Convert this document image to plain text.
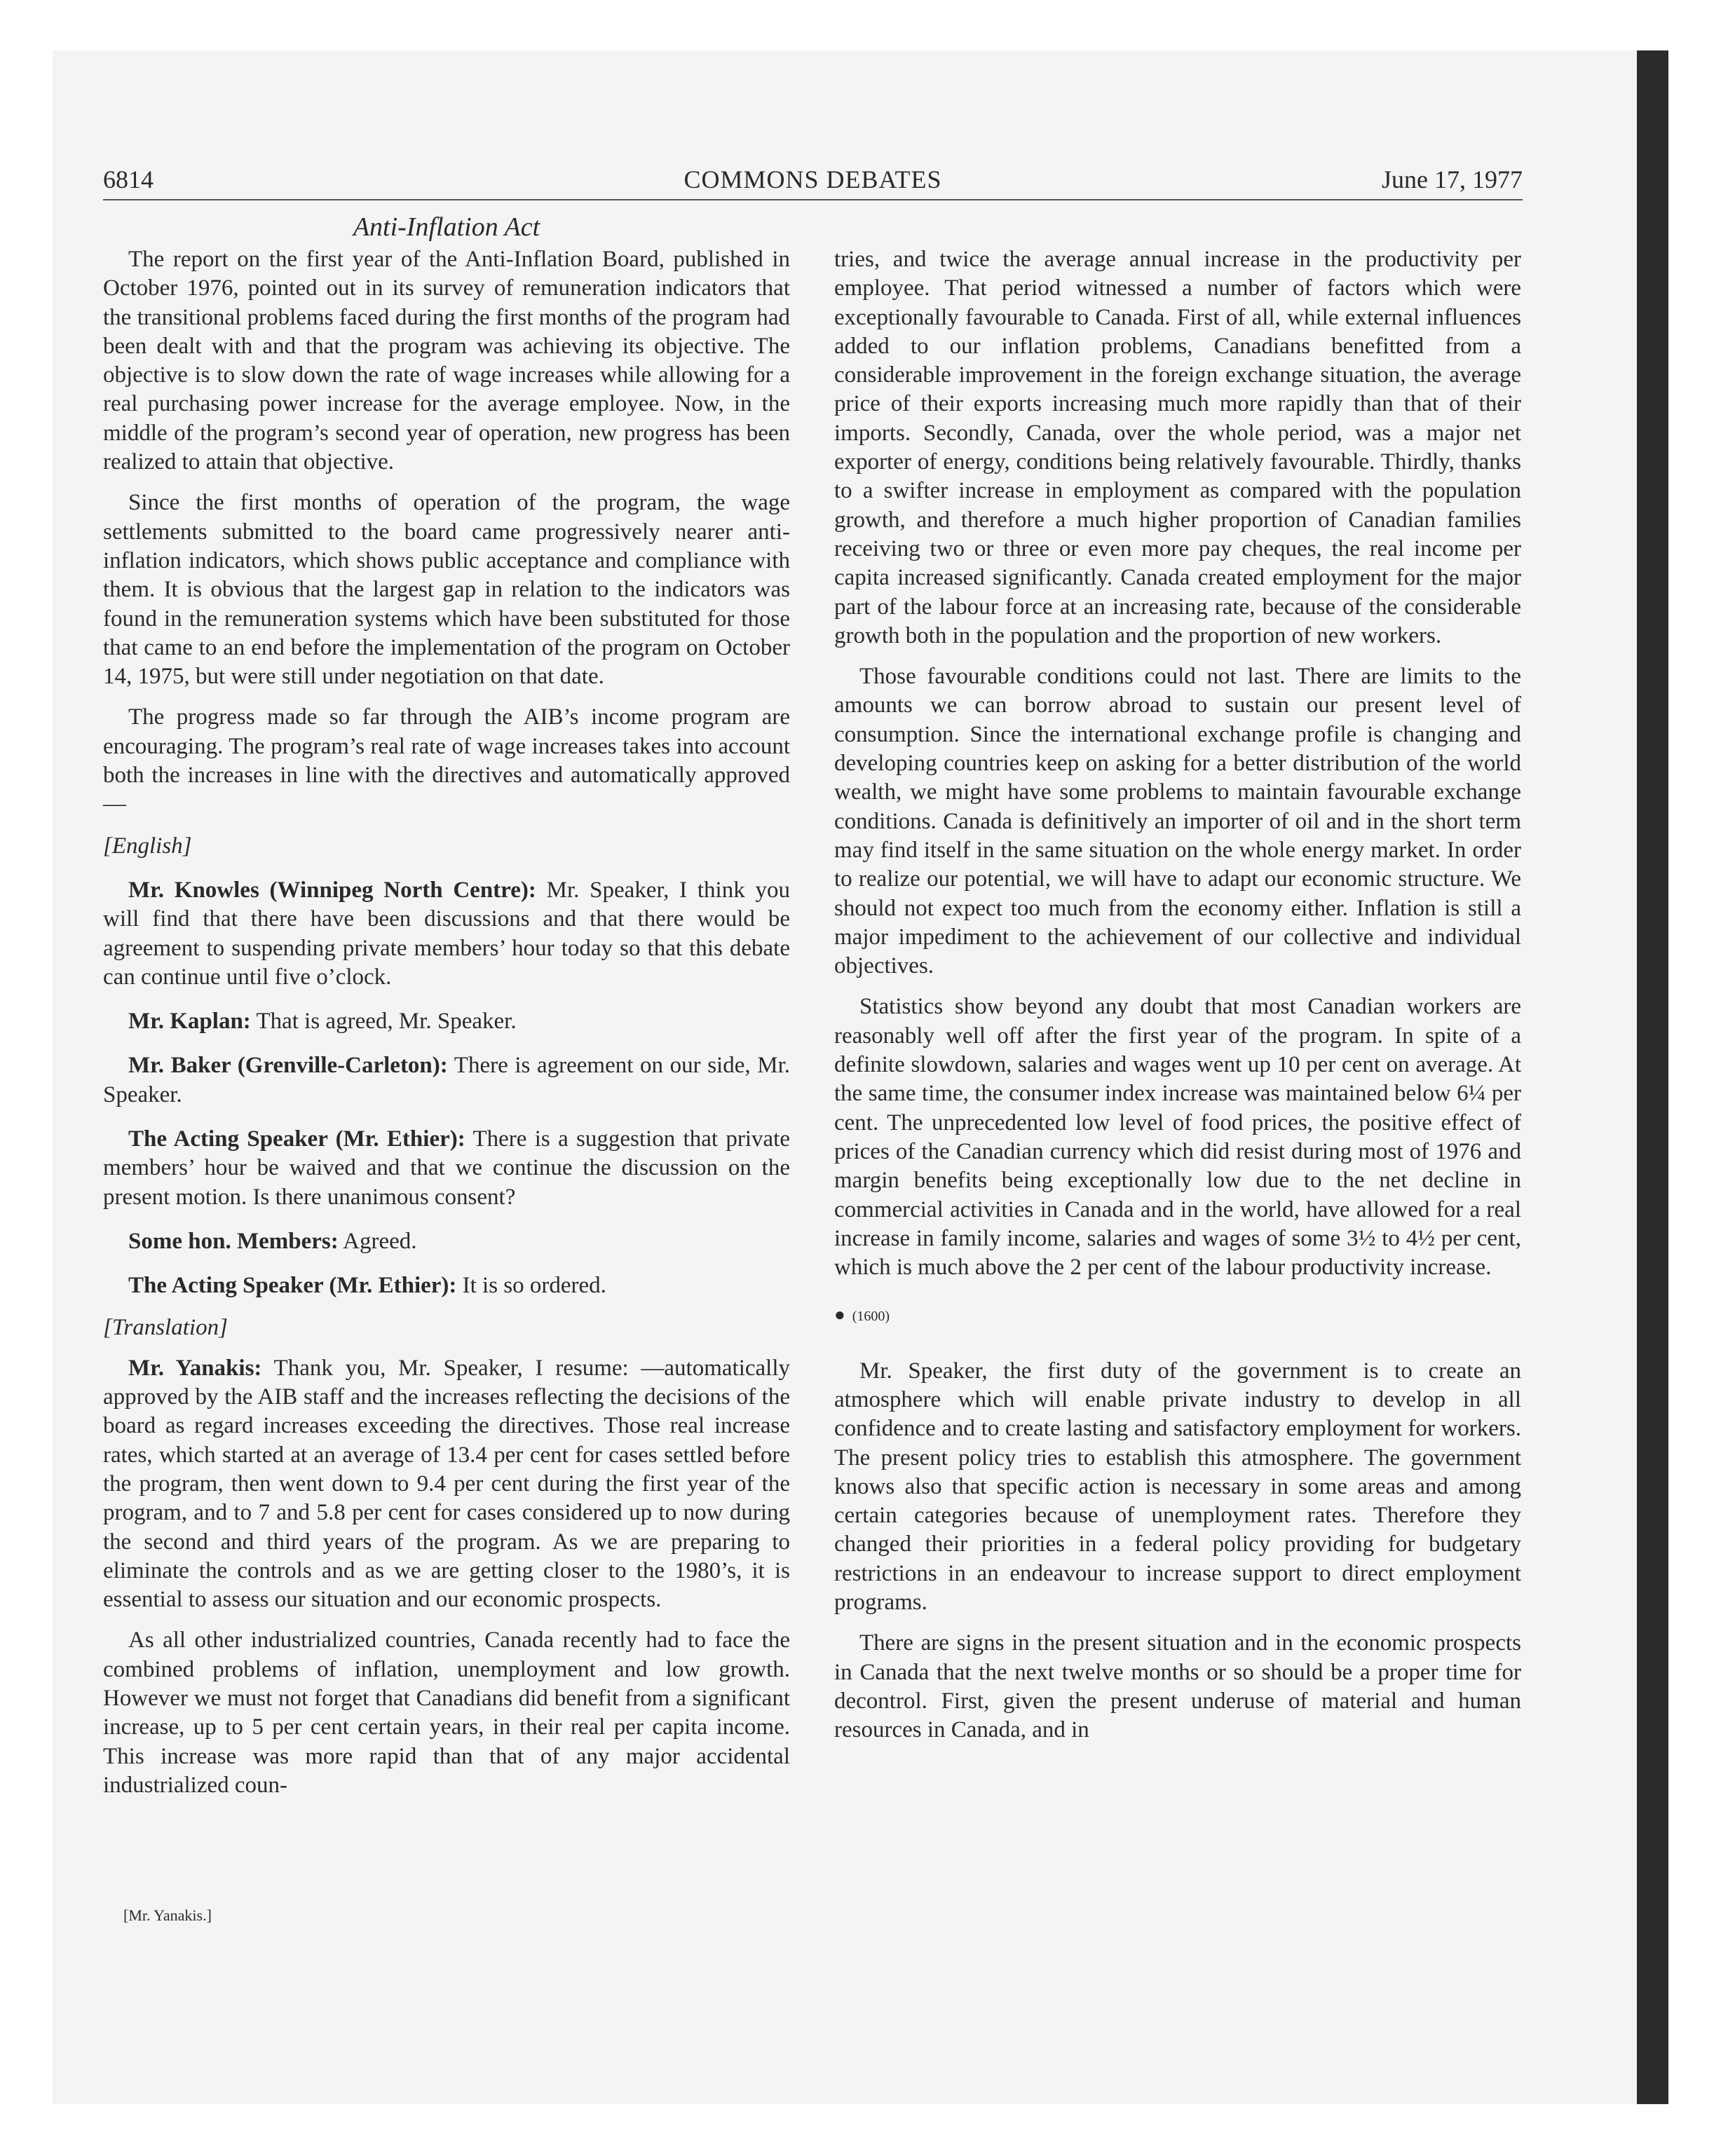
6814	COMMONS DEBATES	June 17, 1977
Anti-Inflation Act

The report on the first year of the Anti-Inflation Board, published in October 1976, pointed out in its survey of remuneration indicators that the transitional problems faced during the first months of the program had been dealt with and that the program was achieving its objective. The objective is to slow down the rate of wage increases while allowing for a real purchasing power increase for the average employee. Now, in the middle of the program’s second year of operation, new progress has been realized to attain that objective.

Since the first months of operation of the program, the wage settlements submitted to the board came progressively nearer anti-inflation indicators, which shows public acceptance and compliance with them. It is obvious that the largest gap in relation to the indicators was found in the remuneration systems which have been substituted for those that came to an end before the implementation of the program on October 14, 1975, but were still under negotiation on that date.

The progress made so far through the AIB’s income program are encouraging. The program’s real rate of wage increases takes into account both the increases in line with the directives and automatically approved—

[English]

Mr. Knowles (Winnipeg North Centre): Mr. Speaker, I think you will find that there have been discussions and that there would be agreement to suspending private members’ hour today so that this debate can continue until five o’clock.

Mr. Kaplan: That is agreed, Mr. Speaker.

Mr. Baker (Grenville-Carleton): There is agreement on our side, Mr. Speaker.

The Acting Speaker (Mr. Ethier): There is a suggestion that private members’ hour be waived and that we continue the discussion on the present motion. Is there unanimous consent?

Some hon. Members: Agreed.

The Acting Speaker (Mr. Ethier): It is so ordered.

[Translation]

Mr. Yanakis: Thank you, Mr. Speaker, I resume: —automatically approved by the AIB staff and the increases reflecting the decisions of the board as regard increases exceeding the directives. Those real increase rates, which started at an average of 13.4 per cent for cases settled before the program, then went down to 9.4 per cent during the first year of the program, and to 7 and 5.8 per cent for cases considered up to now during the second and third years of the program. As we are preparing to eliminate the controls and as we are getting closer to the 1980’s, it is essential to assess our situation and our economic prospects.

As all other industrialized countries, Canada recently had to face the combined problems of inflation, unemployment and low growth. However we must not forget that Canadians did benefit from a significant increase, up to 5 per cent certain years, in their real per capita income. This increase was more rapid than that of any major accidental industrialized coun-

tries, and twice the average annual increase in the productivity per employee. That period witnessed a number of factors which were exceptionally favourable to Canada. First of all, while external influences added to our inflation problems, Canadians benefitted from a considerable improvement in the foreign exchange situation, the average price of their exports increasing much more rapidly than that of their imports. Secondly, Canada, over the whole period, was a major net exporter of energy, conditions being relatively favourable. Thirdly, thanks to a swifter increase in employment as compared with the population growth, and therefore a much higher proportion of Canadian families receiving two or three or even more pay cheques, the real income per capita increased significantly. Canada created employment for the major part of the labour force at an increasing rate, because of the considerable growth both in the population and the proportion of new workers.

Those favourable conditions could not last. There are limits to the amounts we can borrow abroad to sustain our present level of consumption. Since the international exchange profile is changing and developing countries keep on asking for a better distribution of the world wealth, we might have some problems to maintain favourable exchange conditions. Canada is definitively an importer of oil and in the short term may find itself in the same situation on the whole energy market. In order to realize our potential, we will have to adapt our economic structure. We should not expect too much from the economy either. Inflation is still a major impediment to the achievement of our collective and individual objectives.

Statistics show beyond any doubt that most Canadian workers are reasonably well off after the first year of the program. In spite of a definite slowdown, salaries and wages went up 10 per cent on average. At the same time, the consumer index increase was maintained below 6¼ per cent. The unprecedented low level of food prices, the positive effect of prices of the Canadian currency which did resist during most of 1976 and margin benefits being exceptionally low due to the net decline in commercial activities in Canada and in the world, have allowed for a real increase in family income, salaries and wages of some 3½ to 4½ per cent, which is much above the 2 per cent of the labour productivity increase.

● (1600)

Mr. Speaker, the first duty of the government is to create an atmosphere which will enable private industry to develop in all confidence and to create lasting and satisfactory employment for workers. The present policy tries to establish this atmosphere. The government knows also that specific action is necessary in some areas and among certain categories because of unemployment rates. Therefore they changed their priorities in a federal policy providing for budgetary restrictions in an endeavour to increase support to direct employment programs.

There are signs in the present situation and in the economic prospects in Canada that the next twelve months or so should be a proper time for decontrol. First, given the present underuse of material and human resources in Canada, and in

[Mr. Yanakis.]
